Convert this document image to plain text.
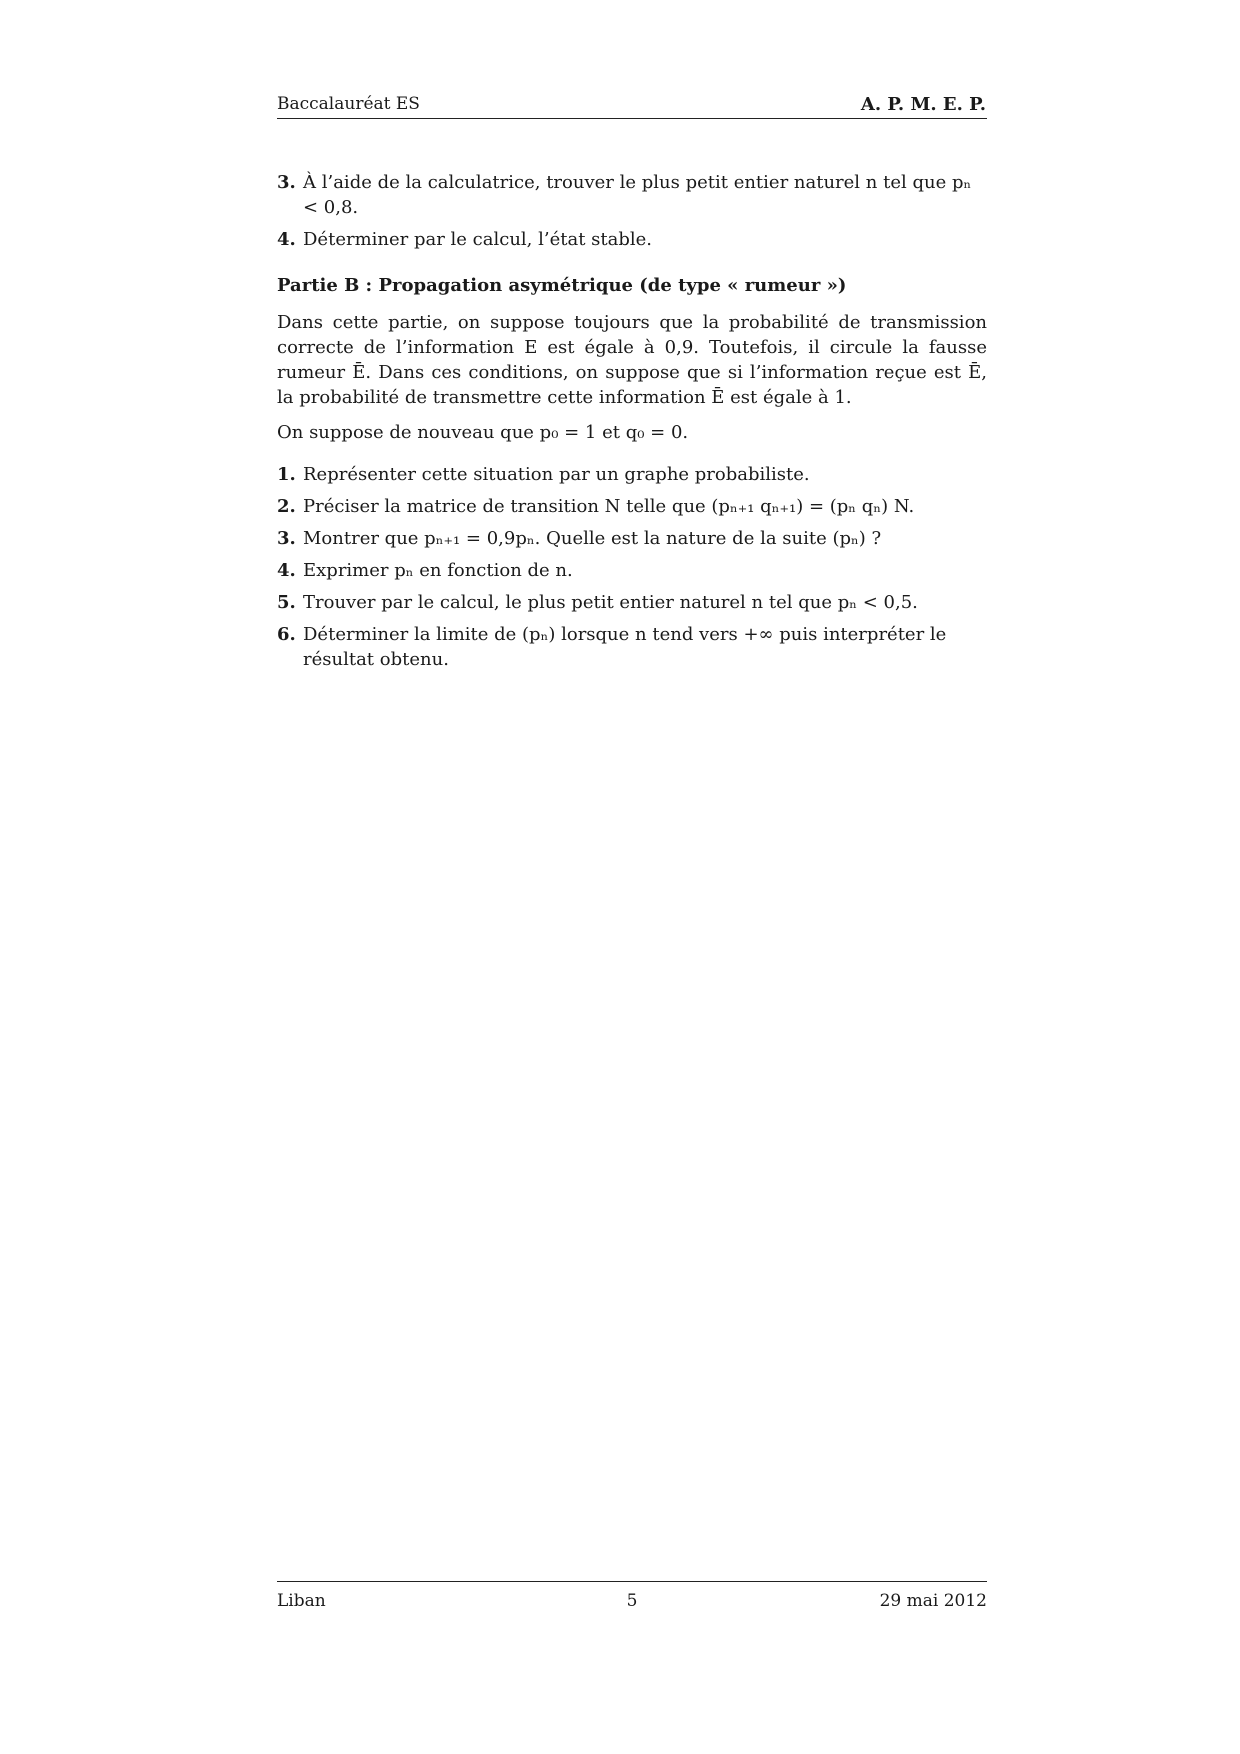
Baccalauréat ES	A. P. M. E. P.
3. À l’aide de la calculatrice, trouver le plus petit entier naturel n tel que pₙ < 0,8.
4. Déterminer par le calcul, l’état stable.

Partie B : Propagation asymétrique (de type « rumeur »)

Dans cette partie, on suppose toujours que la probabilité de transmission correcte de l’information E est égale à 0,9. Toutefois, il circule la fausse rumeur Ē. Dans ces conditions, on suppose que si l’information reçue est Ē, la probabilité de transmettre cette information Ē est égale à 1.

On suppose de nouveau que p₀ = 1 et q₀ = 0.

1. Représenter cette situation par un graphe probabiliste.
2. Préciser la matrice de transition N telle que (pₙ₊₁ qₙ₊₁) = (pₙ qₙ) N.
3. Montrer que pₙ₊₁ = 0,9pₙ. Quelle est la nature de la suite (pₙ) ?
4. Exprimer pₙ en fonction de n.
5. Trouver par le calcul, le plus petit entier naturel n tel que pₙ < 0,5.
6. Déterminer la limite de (pₙ) lorsque n tend vers +∞ puis interpréter le résultat obtenu.
Liban	5	29 mai 2012
